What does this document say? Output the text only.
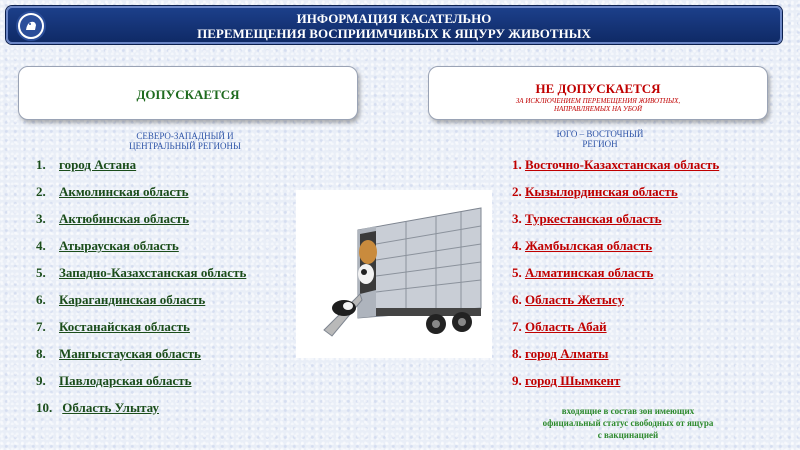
ИНФОРМАЦИЯ КАСАТЕЛЬНО
ПЕРЕМЕЩЕНИЯ ВОСПРИИМЧИВЫХ К ЯЩУРУ ЖИВОТНЫХ
ДОПУСКАЕТСЯ	НЕ ДОПУСКАЕТСЯ
ЗА ИСКЛЮЧЕНИЕМ ПЕРЕМЕЩЕНИЯ ЖИВОТНЫХ,
НАПРАВЛЯЕМЫХ НА УБОЙ
СЕВЕРО-ЗАПАДНЫЙ И
ЦЕНТРАЛЬНЫЙ РЕГИОНЫ
ЮГО – ВОСТОЧНЫЙ
РЕГИОН
1. город Астана
2. Акмолинская область
3. Актюбинская область
4. Атырауская область
5. Западно-Казахстанская область
6. Карагандинская область
7. Костанайская область
8. Мангыстауская область
9. Павлодарская область
10. Область Улытау
1. Восточно-Казахстанская область
2. Кызылординская область
3. Туркестанская область
4. Жамбылская область
5. Алматинская область
6. Область Жетысу
7. Область Абай
8. город Алматы
9. город Шымкент
входящие в состав зон имеющих
официальный статус свободных от ящура
с вакцинацией
